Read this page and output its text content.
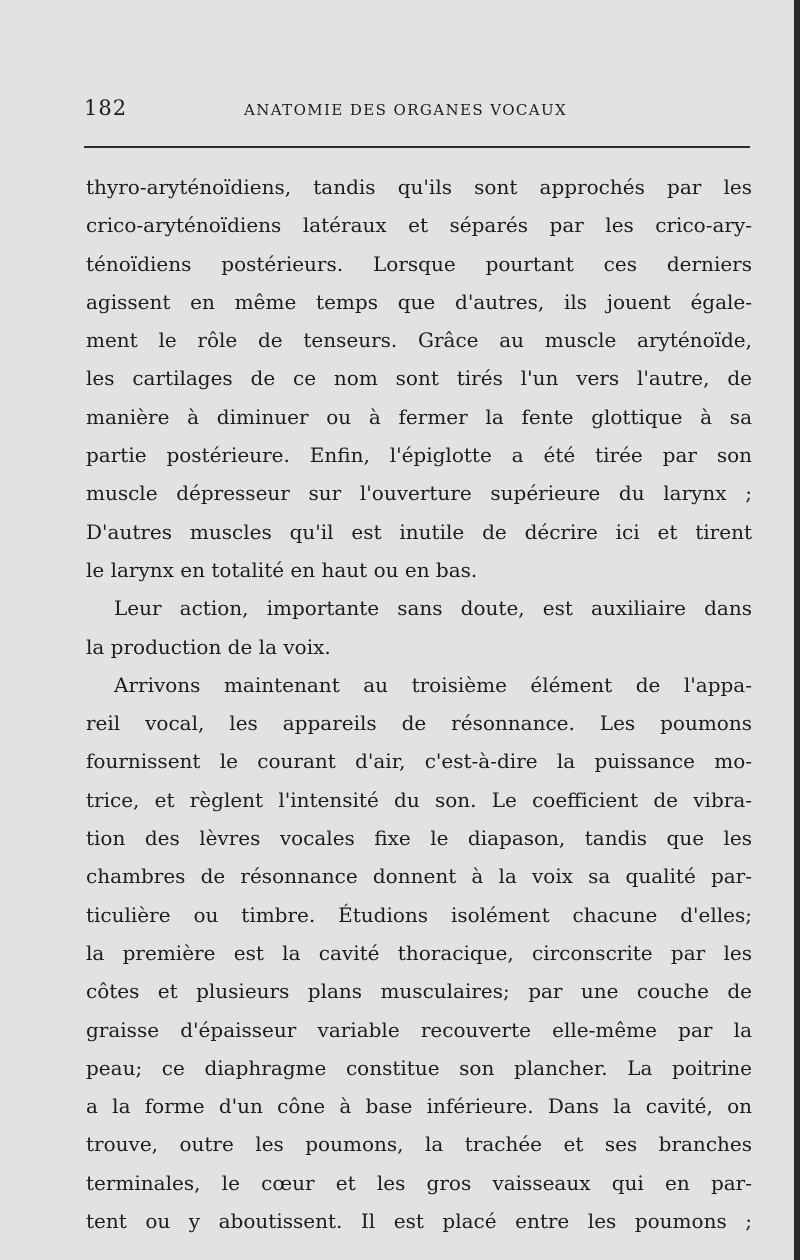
182	ANATOMIE DES ORGANES VOCAUX
thyro-aryténoïdiens, tandis qu'ils sont approchés par les
crico-aryténoïdiens latéraux et séparés par les crico-ary-
ténoïdiens postérieurs. Lorsque pourtant ces derniers
agissent en même temps que d'autres, ils jouent égale-
ment le rôle de tenseurs. Grâce au muscle aryténoïde,
les cartilages de ce nom sont tirés l'un vers l'autre, de
manière à diminuer ou à fermer la fente glottique à sa
partie postérieure. Enfin, l'épiglotte a été tirée par son
muscle dépresseur sur l'ouverture supérieure du larynx ;
D'autres muscles qu'il est inutile de décrire ici et tirent
le larynx en totalité en haut ou en bas.
Leur action, importante sans doute, est auxiliaire dans
la production de la voix.
Arrivons maintenant au troisième élément de l'appa-
reil vocal, les appareils de résonnance. Les poumons
fournissent le courant d'air, c'est-à-dire la puissance mo-
trice, et règlent l'intensité du son. Le coefficient de vibra-
tion des lèvres vocales fixe le diapason, tandis que les
chambres de résonnance donnent à la voix sa qualité par-
ticulière ou timbre. Étudions isolément chacune d'elles;
la première est la cavité thoracique, circonscrite par les
côtes et plusieurs plans musculaires; par une couche de
graisse d'épaisseur variable recouverte elle-même par la
peau; ce diaphragme constitue son plancher. La poitrine
a la forme d'un cône à base inférieure. Dans la cavité, on
trouve, outre les poumons, la trachée et ses branches
terminales, le cœur et les gros vaisseaux qui en par-
tent ou y aboutissent. Il est placé entre les poumons ;
